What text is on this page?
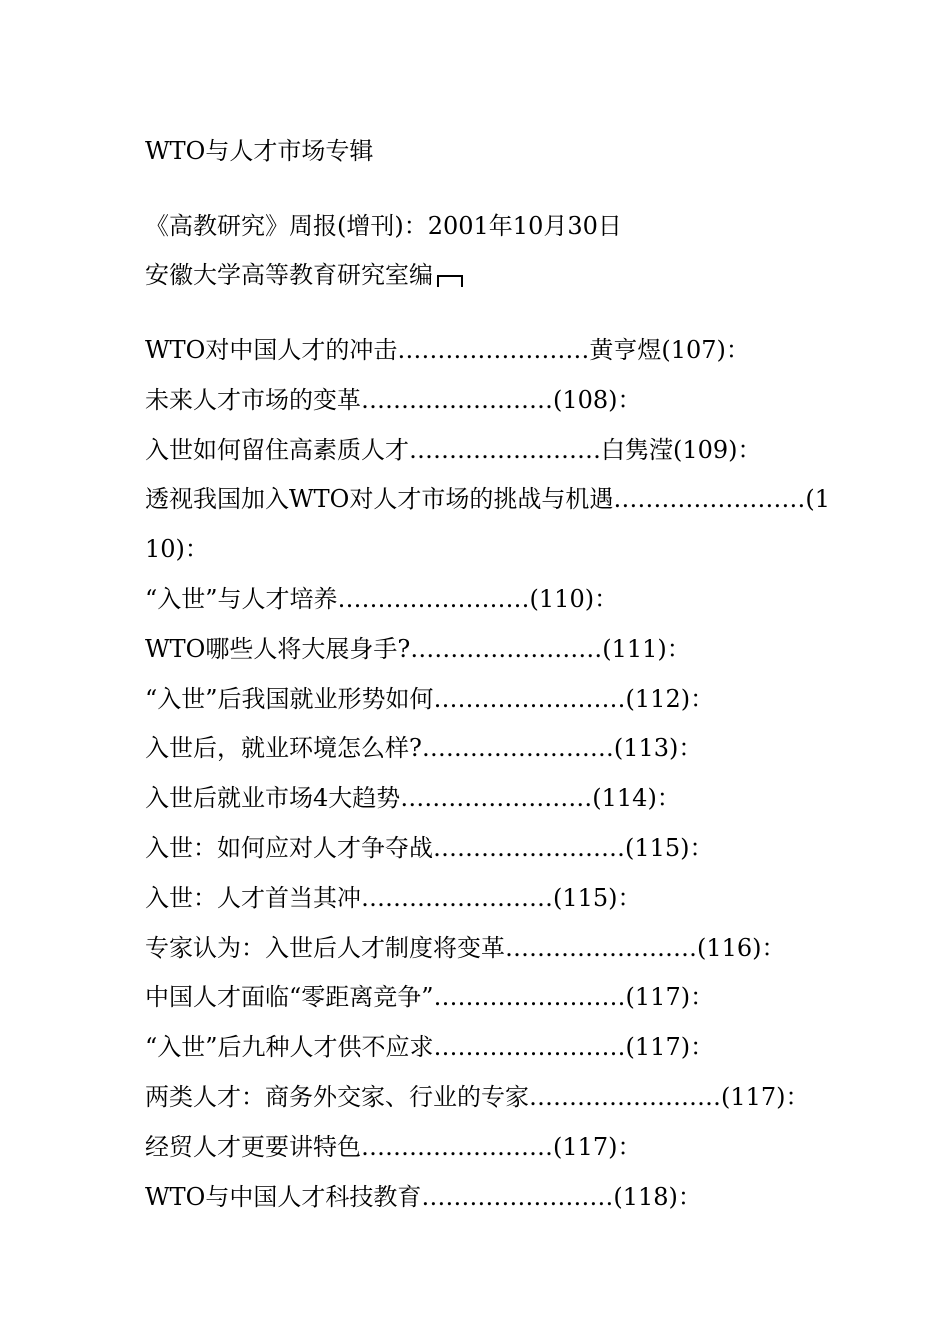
WTO与人才市场专辑
《高教研究》周报(增刊)：2001年10月30日
安徽大学高等教育研究室编
WTO对中国人才的冲击……………………黄亨煜(107)：
未来人才市场的变革……………………(108)：
入世如何留住高素质人才……………………白隽滢(109)：
透视我国加入WTO对人才市场的挑战与机遇……………………(1
10)：
“入世”与人才培养……………………(110)：
WTO哪些人将大展身手?……………………(111)：
“入世”后我国就业形势如何……………………(112)：
入世后，就业环境怎么样?……………………(113)：
入世后就业市场4大趋势……………………(114)：
入世：如何应对人才争夺战……………………(115)：
入世：人才首当其冲……………………(115)：
专家认为：入世后人才制度将变革……………………(116)：
中国人才面临“零距离竞争”……………………(117)：
“入世”后九种人才供不应求……………………(117)：
两类人才：商务外交家、行业的专家……………………(117)：
经贸人才更要讲特色……………………(117)：
WTO与中国人才科技教育……………………(118)：
